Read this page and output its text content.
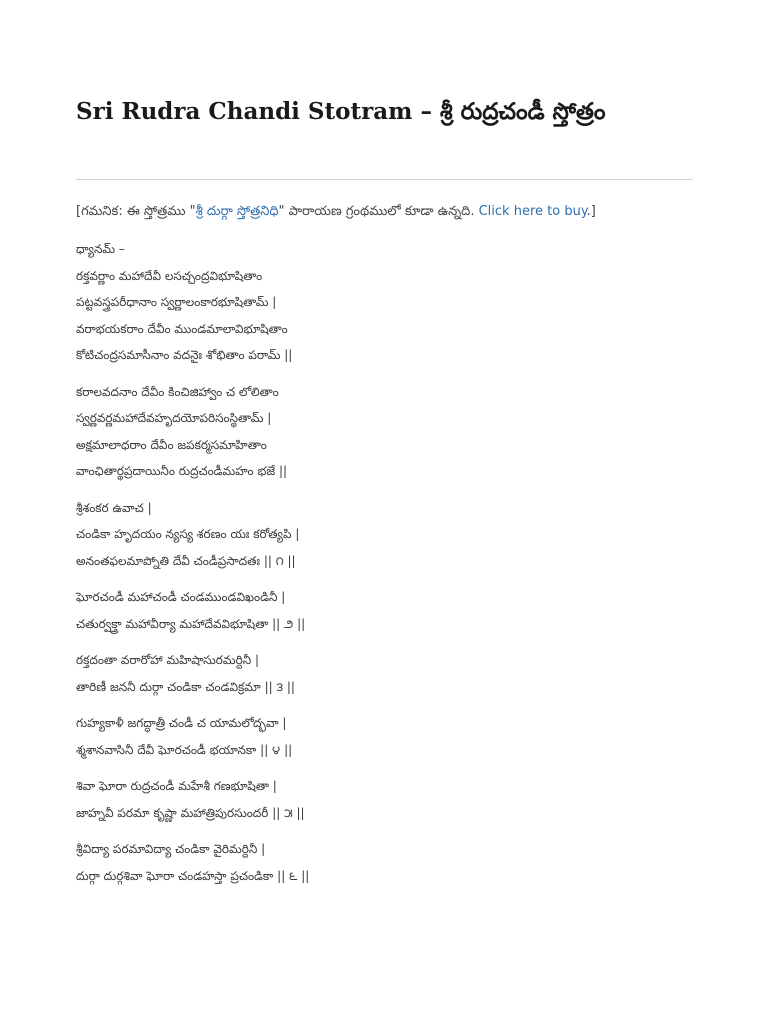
Sri Rudra Chandi Stotram – శ్రీ రుద్రచండీ స్తోత్రం
[గమనిక: ఈ స్తోత్రము "శ్రీ దుర్గా స్తోత్రనిధి" పారాయణ గ్రంథములో కూడా ఉన్నది. Click here to buy.]
ధ్యానమ్ –
రక్తవర్ణాం మహాదేవీ లసచ్చంద్రవిభూషితాం
పట్టవస్త్రపరీధానాం స్వర్ణాలంకారభూషితామ్ |
వరాభయకరాం దేవీం ముండమాలావిభూషితాం
కోటిచంద్రసమాసీనాం వదనైః శోభితాం పరామ్ ||
కరాలవదనాం దేవీం కించిజిహ్వాం చ లోలితాం
స్వర్ణవర్ణమహాదేవహృదయోపరిసంస్థితామ్ |
అక్షమాలాధరాం దేవీం జపకర్మసమాహితాం
వాంఛితార్థప్రదాయినీం రుద్రచండీమహం భజే ||
శ్రీశంకర ఉవాచ |
చండికా హృదయం న్యస్య శరణం యః కరోత్యపి |
అనంతఫలమాప్నోతి దేవీ చండీప్రసాదతః || ౧ ||
ఘోరచండీ మహాచండీ చండముండవిఖండినీ |
చతుర్వక్త్రా మహావీర్యా మహాదేవవిభూషితా || ౨ ||
రక్తదంతా వరారోహా మహిషాసురమర్దినీ |
తారిణీ జననీ దుర్గా చండికా చండవిక్రమా || ౩ ||
గుహ్యకాళీ జగద్ధాత్రీ చండీ చ యామలోద్భవా |
శ్మశానవాసినీ దేవీ ఘోరచండీ భయానకా || ౪ ||
శివా ఘోరా రుద్రచండీ మహేశీ గణభూషితా |
జాహ్నవీ పరమా కృష్ణా మహాత్రిపురసుందరీ || ౫ ||
శ్రీవిద్యా పరమావిద్యా చండికా వైరిమర్దినీ |
దుర్గా దుర్గశివా ఘోరా చండహస్తా ప్రచండికా || ౬ ||
